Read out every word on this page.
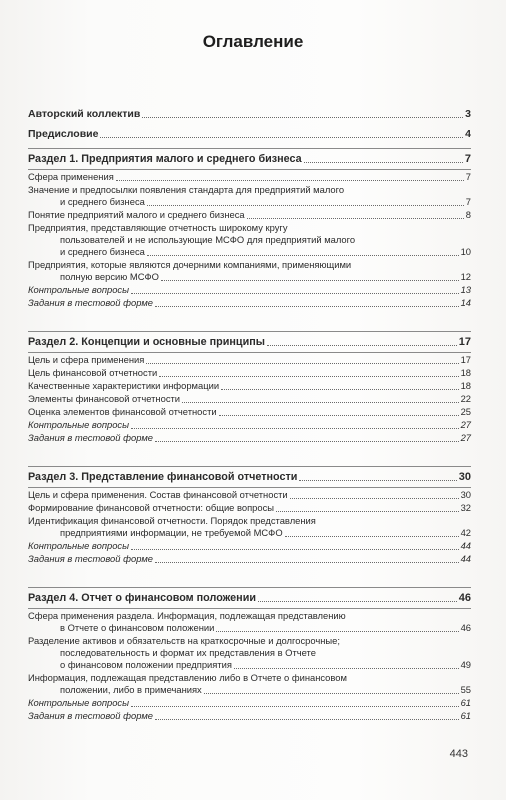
Оглавление
Авторский коллектив	3
Предисловие	4
Раздел 1. Предприятия малого и среднего бизнеса	7
Сфера применения	7
Значение и предпосылки появления стандарта для предприятий малого
и среднего бизнеса	7
Понятие предприятий малого и среднего бизнеса	8
Предприятия, представляющие отчетность широкому кругу
пользователей и не использующие МСФО для предприятий малого
и среднего бизнеса	10
Предприятия, которые являются дочерними компаниями, применяющими
полную версию МСФО	12
Контрольные вопросы	13
Задания в тестовой форме	14
Раздел 2. Концепции и основные принципы	17
Цель и сфера применения	17
Цель финансовой отчетности	18
Качественные характеристики информации	18
Элементы финансовой отчетности	22
Оценка элементов финансовой отчетности	25
Контрольные вопросы	27
Задания в тестовой форме	27
Раздел 3. Представление финансовой отчетности	30
Цель и сфера применения. Состав финансовой отчетности	30
Формирование финансовой отчетности: общие вопросы	32
Идентификация финансовой отчетности. Порядок представления
предприятиями информации, не требуемой МСФО	42
Контрольные вопросы	44
Задания в тестовой форме	44
Раздел 4. Отчет о финансовом положении	46
Сфера применения раздела. Информация, подлежащая представлению
в Отчете о финансовом положении	46
Разделение активов и обязательств на краткосрочные и долгосрочные;
последовательность и формат их представления в Отчете
о финансовом положении предприятия	49
Информация, подлежащая представлению либо в Отчете о финансовом
положении, либо в примечаниях	55
Контрольные вопросы	61
Задания в тестовой форме	61
443
